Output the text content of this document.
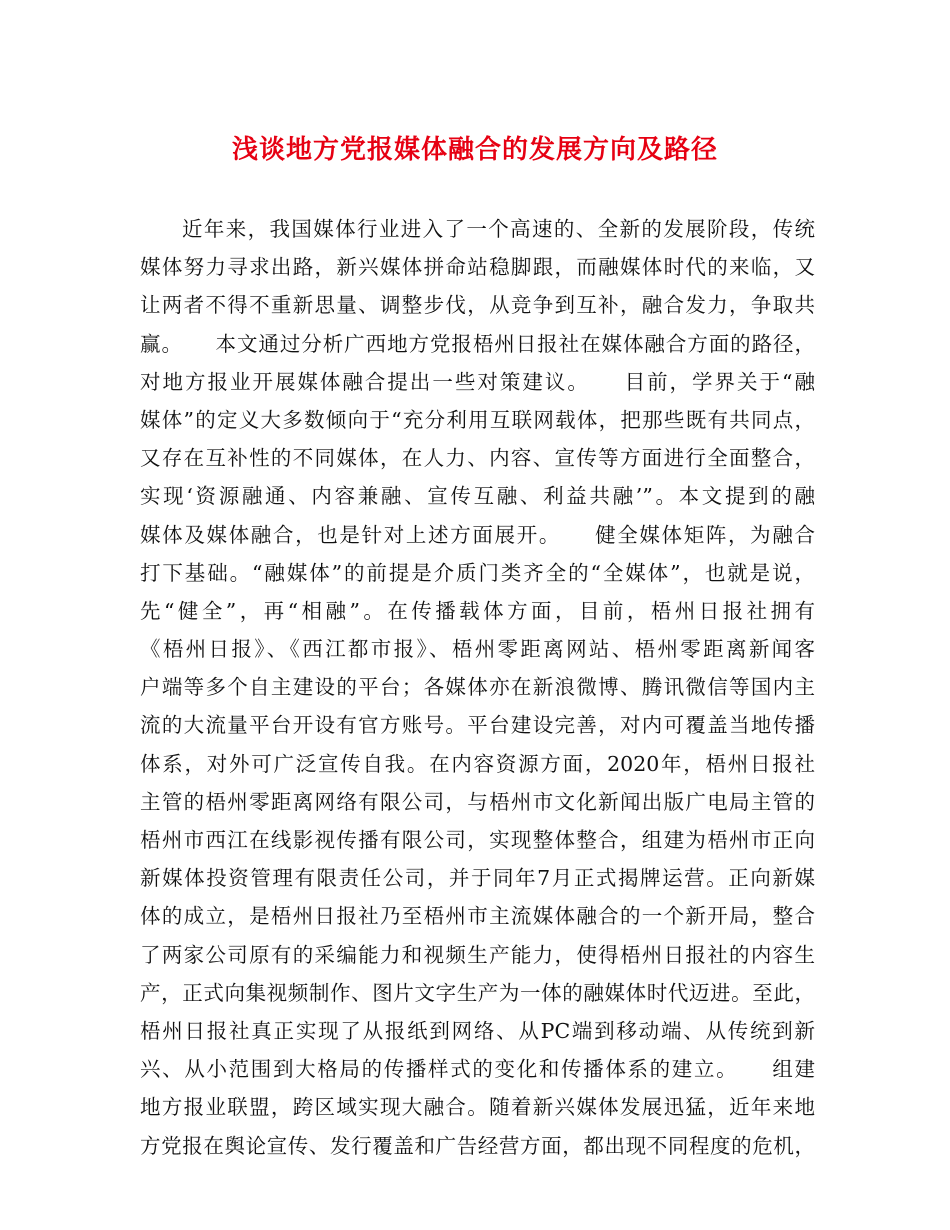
浅谈地方党报媒体融合的发展方向及路径
近年来，我国媒体行业进入了一个高速的、全新的发展阶段，传统
媒体努力寻求出路，新兴媒体拼命站稳脚跟，而融媒体时代的来临，又
让两者不得不重新思量、调整步伐，从竞争到互补，融合发力，争取共
赢。　　本文通过分析广西地方党报梧州日报社在媒体融合方面的路径，
对地方报业开展媒体融合提出一些对策建议。　　目前，学界关于“融
媒体”的定义大多数倾向于“充分利用互联网载体，把那些既有共同点，
又存在互补性的不同媒体，在人力、内容、宣传等方面进行全面整合，
实现‘资源融通、内容兼融、宣传互融、利益共融’”。本文提到的融
媒体及媒体融合，也是针对上述方面展开。　　健全媒体矩阵，为融合
打下基础。“融媒体”的前提是介质门类齐全的“全媒体”，也就是说，
先“健全”，再“相融”。在传播载体方面，目前，梧州日报社拥有
《梧州日报》、《西江都市报》、梧州零距离网站、梧州零距离新闻客
户端等多个自主建设的平台；各媒体亦在新浪微博、腾讯微信等国内主
流的大流量平台开设有官方账号。平台建设完善，对内可覆盖当地传播
体系，对外可广泛宣传自我。在内容资源方面，2020年，梧州日报社
主管的梧州零距离网络有限公司，与梧州市文化新闻出版广电局主管的
梧州市西江在线影视传播有限公司，实现整体整合，组建为梧州市正向
新媒体投资管理有限责任公司，并于同年7月正式揭牌运营。正向新媒
体的成立，是梧州日报社乃至梧州市主流媒体融合的一个新开局，整合
了两家公司原有的采编能力和视频生产能力，使得梧州日报社的内容生
产，正式向集视频制作、图片文字生产为一体的融媒体时代迈进。至此，
梧州日报社真正实现了从报纸到网络、从PC端到移动端、从传统到新
兴、从小范围到大格局的传播样式的变化和传播体系的建立。　　组建
地方报业联盟，跨区域实现大融合。随着新兴媒体发展迅猛，近年来地
方党报在舆论宣传、发行覆盖和广告经营方面，都出现不同程度的危机，
